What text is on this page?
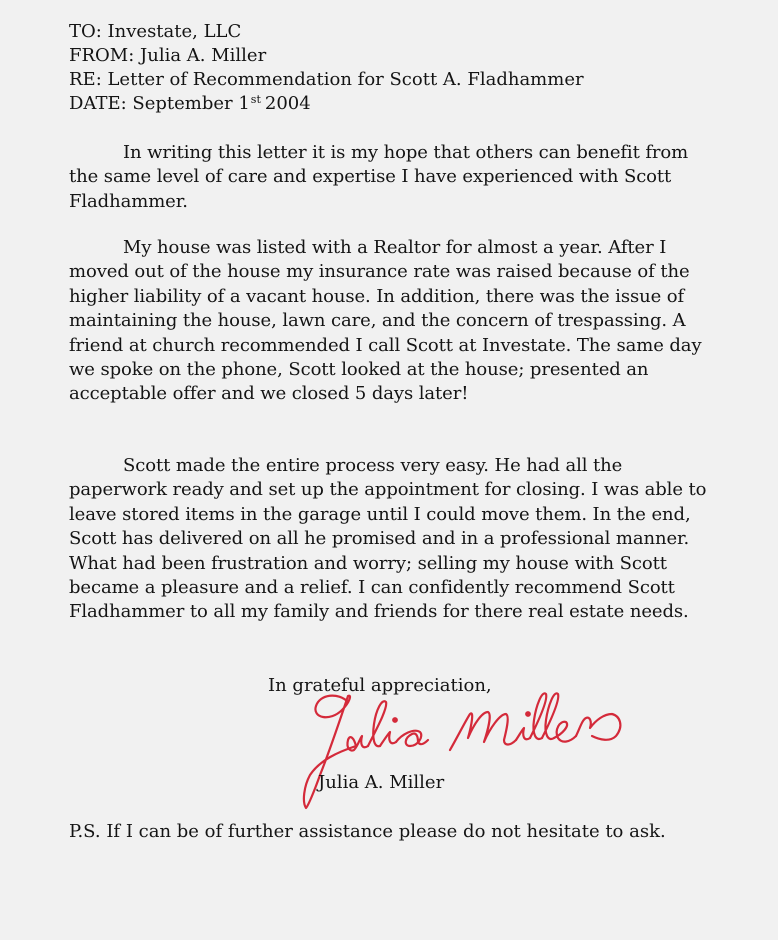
TO: Investate, LLC
FROM: Julia A. Miller
RE: Letter of Recommendation for Scott A. Fladhammer
DATE: September 1st 2004

In writing this letter it is my hope that others can benefit from the same level of care and expertise I have experienced with Scott Fladhammer.

My house was listed with a Realtor for almost a year. After I moved out of the house my insurance rate was raised because of the higher liability of a vacant house. In addition, there was the issue of maintaining the house, lawn care, and the concern of trespassing. A friend at church recommended I call Scott at Investate. The same day we spoke on the phone, Scott looked at the house; presented an acceptable offer and we closed 5 days later!

Scott made the entire process very easy. He had all the paperwork ready and set up the appointment for closing. I was able to leave stored items in the garage until I could move them. In the end, Scott has delivered on all he promised and in a professional manner. What had been frustration and worry; selling my house with Scott became a pleasure and a relief. I can confidently recommend Scott Fladhammer to all my family and friends for there real estate needs.

In grateful appreciation,
Julia A. Miller

P.S. If I can be of further assistance please do not hesitate to ask.
